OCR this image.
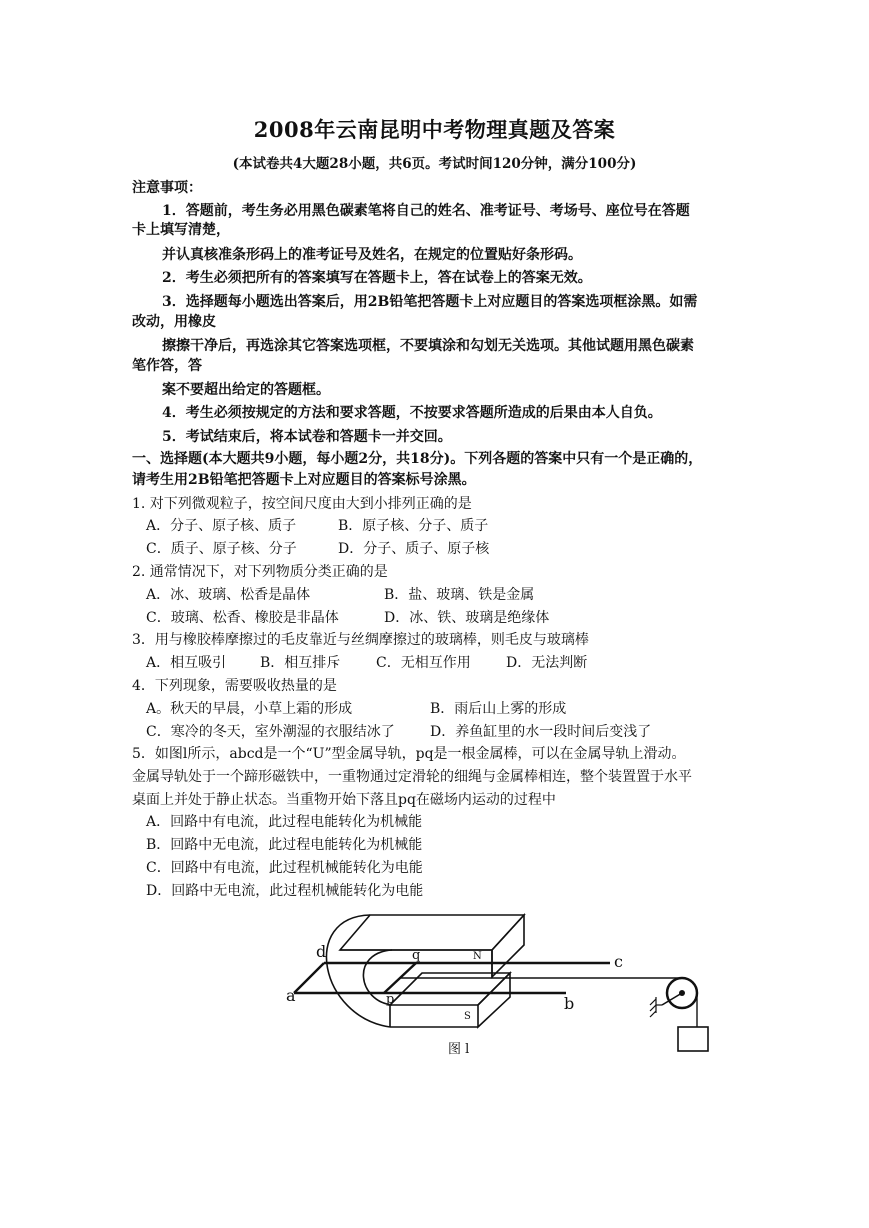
2008年云南昆明中考物理真题及答案
(本试卷共4大题28小题，共6页。考试时间120分钟，满分100分)
注意事项：
1．答题前，考生务必用黑色碳素笔将自己的姓名、准考证号、考场号、座位号在答题
卡上填写清楚，
并认真核准条形码上的准考证号及姓名，在规定的位置贴好条形码。
2．考生必须把所有的答案填写在答题卡上，答在试卷上的答案无效。
3．选择题每小题选出答案后，用2B铅笔把答题卡上对应题目的答案选项框涂黑。如需
改动，用橡皮
擦擦干净后，再选涂其它答案选项框，不要填涂和勾划无关选项。其他试题用黑色碳素
笔作答，答
案不要超出给定的答题框。
4．考生必须按规定的方法和要求答题，不按要求答题所造成的后果由本人自负。
5．考试结束后，将本试卷和答题卡一并交回。
一、选择题(本大题共9小题，每小题2分，共18分)。下列各题的答案中只有一个是正确的，
请考生用2B铅笔把答题卡上对应题目的答案标号涂黑。
1. 对下列微观粒子，按空间尺度由大到小排列正确的是
A．分子、原子核、质子	B．原子核、分子、质子
C．质子、原子核、分子	D．分子、质子、原子核
2. 通常情况下，对下列物质分类正确的是
A．冰、玻璃、松香是晶体	B．盐、玻璃、铁是金属
C．玻璃、松香、橡胶是非晶体	D．冰、铁、玻璃是绝缘体
3．用与橡胶棒摩擦过的毛皮靠近与丝绸摩擦过的玻璃棒，则毛皮与玻璃棒
A．相互吸引 B．相互排斥	C．无相互作用	D．无法判断
4．下列现象，需要吸收热量的是
A。秋天的早晨，小草上霜的形成	B．雨后山上雾的形成
C．寒冷的冬天，室外潮湿的衣服结冰了	D．养鱼缸里的水一段时间后变浅了
5．如图l所示，abcd是一个“U”型金属导轨，pq是一根金属棒，可以在金属导轨上滑动。
金属导轨处于一个蹄形磁铁中，一重物通过定滑轮的细绳与金属棒相连，整个装置置于水平
桌面上并处于静止状态。当重物开始下落且pq在磁场内运动的过程中
A．回路中有电流，此过程电能转化为机械能
B．回路中无电流，此过程电能转化为机械能
C．回路中有电流，此过程机械能转化为电能
D．回路中无电流，此过程机械能转化为电能
a	b
c
d
p
q	N
S
图 l
